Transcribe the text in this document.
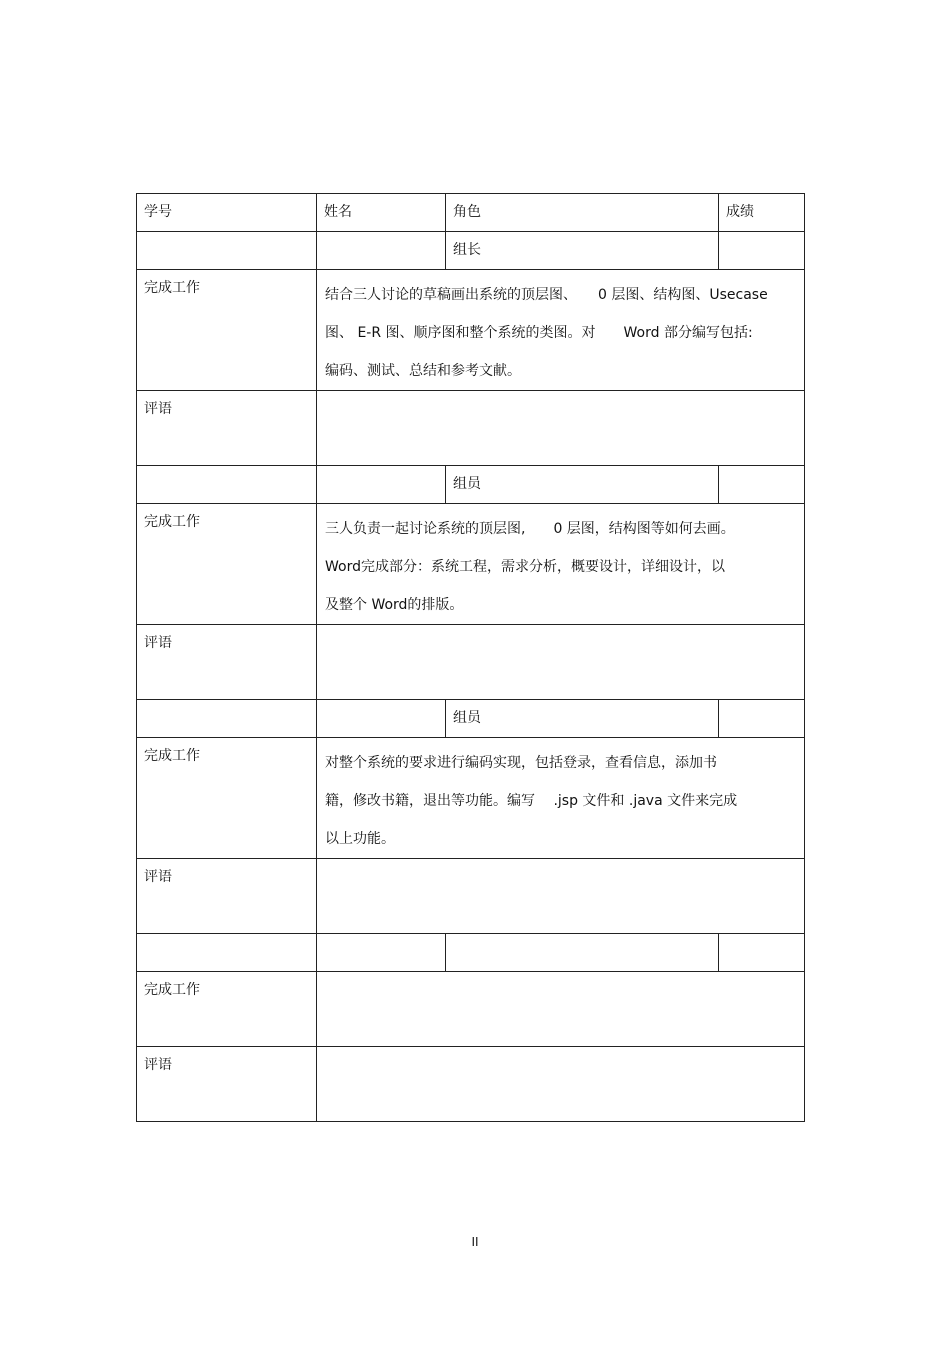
学号	姓名	角色	成绩

		组长	

完成工作	结合三人讨论的草稿画出系统的顶层图、　　0 层图、结构图、Usecase
图、 E-R 图、顺序图和整个系统的类图。对　　Word 部分编写包括:
编码、测试、总结和参考文献。		

评语			

		组员	

完成工作	三人负责一起讨论系统的顶层图,　　0 层图，结构图等如何去画。
Word完成部分：系统工程，需求分析，概要设计，详细设计，以
及整个 Word的排版。		

评语			

		组员	

完成工作	对整个系统的要求进行编码实现，包括登录，查看信息，添加书
籍，修改书籍，退出等功能。编写　 .jsp 文件和 .java 文件来完成
以上功能。		

评语			

完成工作			

评语			

II
